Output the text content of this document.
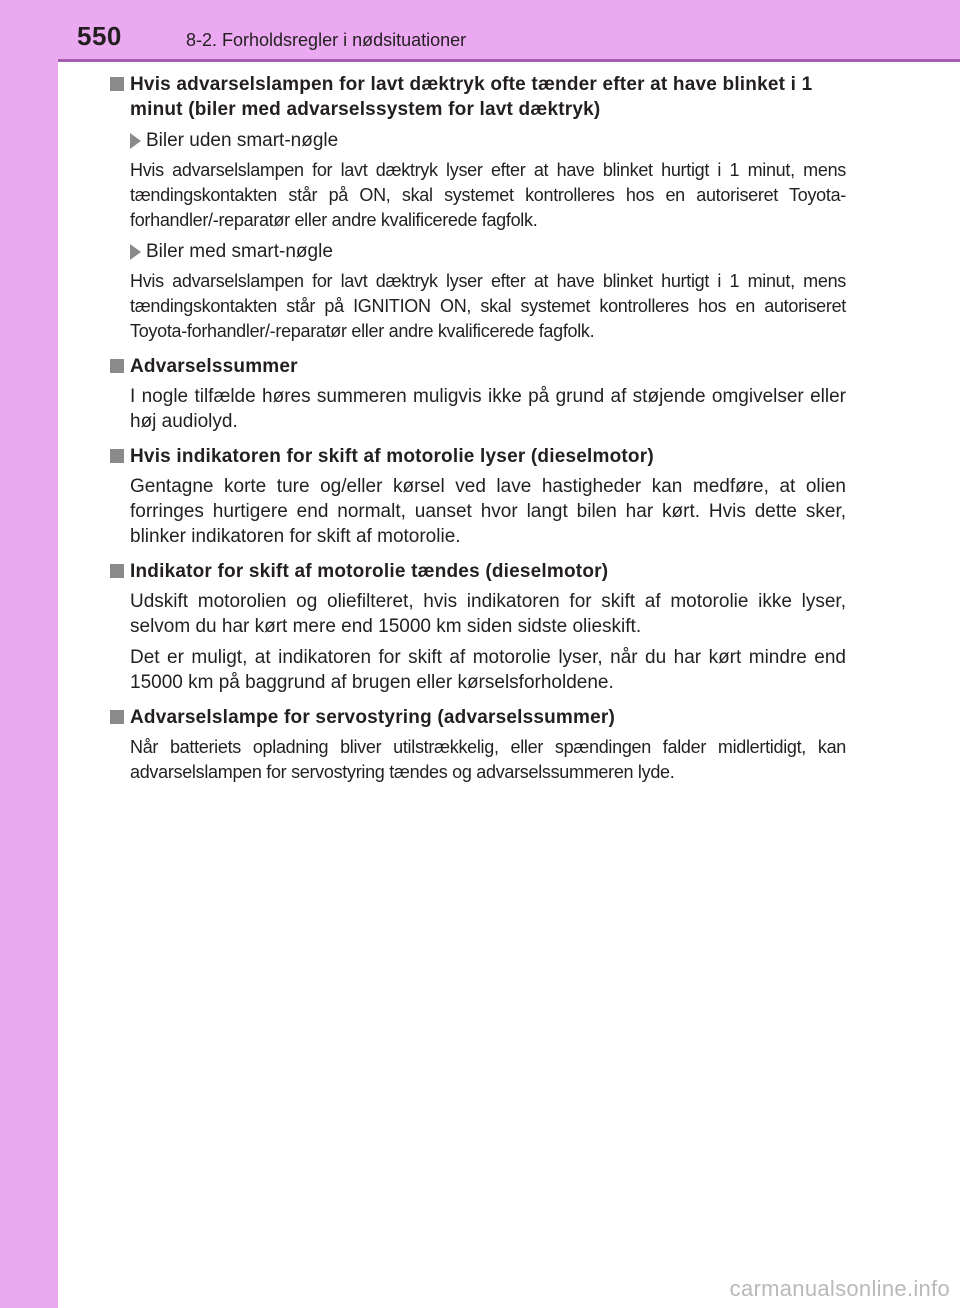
550	8-2. Forholdsregler i nødsituationer
Hvis advarselslampen for lavt dæktryk ofte tænder efter at have blinket i 1 minut (biler med advarselssystem for lavt dæktryk)
Biler uden smart-nøgle

Hvis advarselslampen for lavt dæktryk lyser efter at have blinket hurtigt i 1 minut, mens tændingskontakten står på ON, skal systemet kontrolleres hos en autoriseret Toyota-forhandler/-reparatør eller andre kvalificerede fagfolk.

Biler med smart-nøgle

Hvis advarselslampen for lavt dæktryk lyser efter at have blinket hurtigt i 1 minut, mens tændingskontakten står på IGNITION ON, skal systemet kontrolleres hos en autoriseret Toyota-forhandler/-reparatør eller andre kvalificerede fagfolk.

Advarselssummer

I nogle tilfælde høres summeren muligvis ikke på grund af støjende omgivelser eller høj audiolyd.

Hvis indikatoren for skift af motorolie lyser (dieselmotor)

Gentagne korte ture og/eller kørsel ved lave hastigheder kan medføre, at olien forringes hurtigere end normalt, uanset hvor langt bilen har kørt. Hvis dette sker, blinker indikatoren for skift af motorolie.

Indikator for skift af motorolie tændes (dieselmotor)

Udskift motorolien og oliefilteret, hvis indikatoren for skift af motorolie ikke lyser, selvom du har kørt mere end 15000 km siden sidste olieskift.

Det er muligt, at indikatoren for skift af motorolie lyser, når du har kørt mindre end 15000 km på baggrund af brugen eller kørselsforholdene.

Advarselslampe for servostyring (advarselssummer)

Når batteriets opladning bliver utilstrækkelig, eller spændingen falder midlertidigt, kan advarselslampen for servostyring tændes og advarselssummeren lyde.

carmanualsonline.info
